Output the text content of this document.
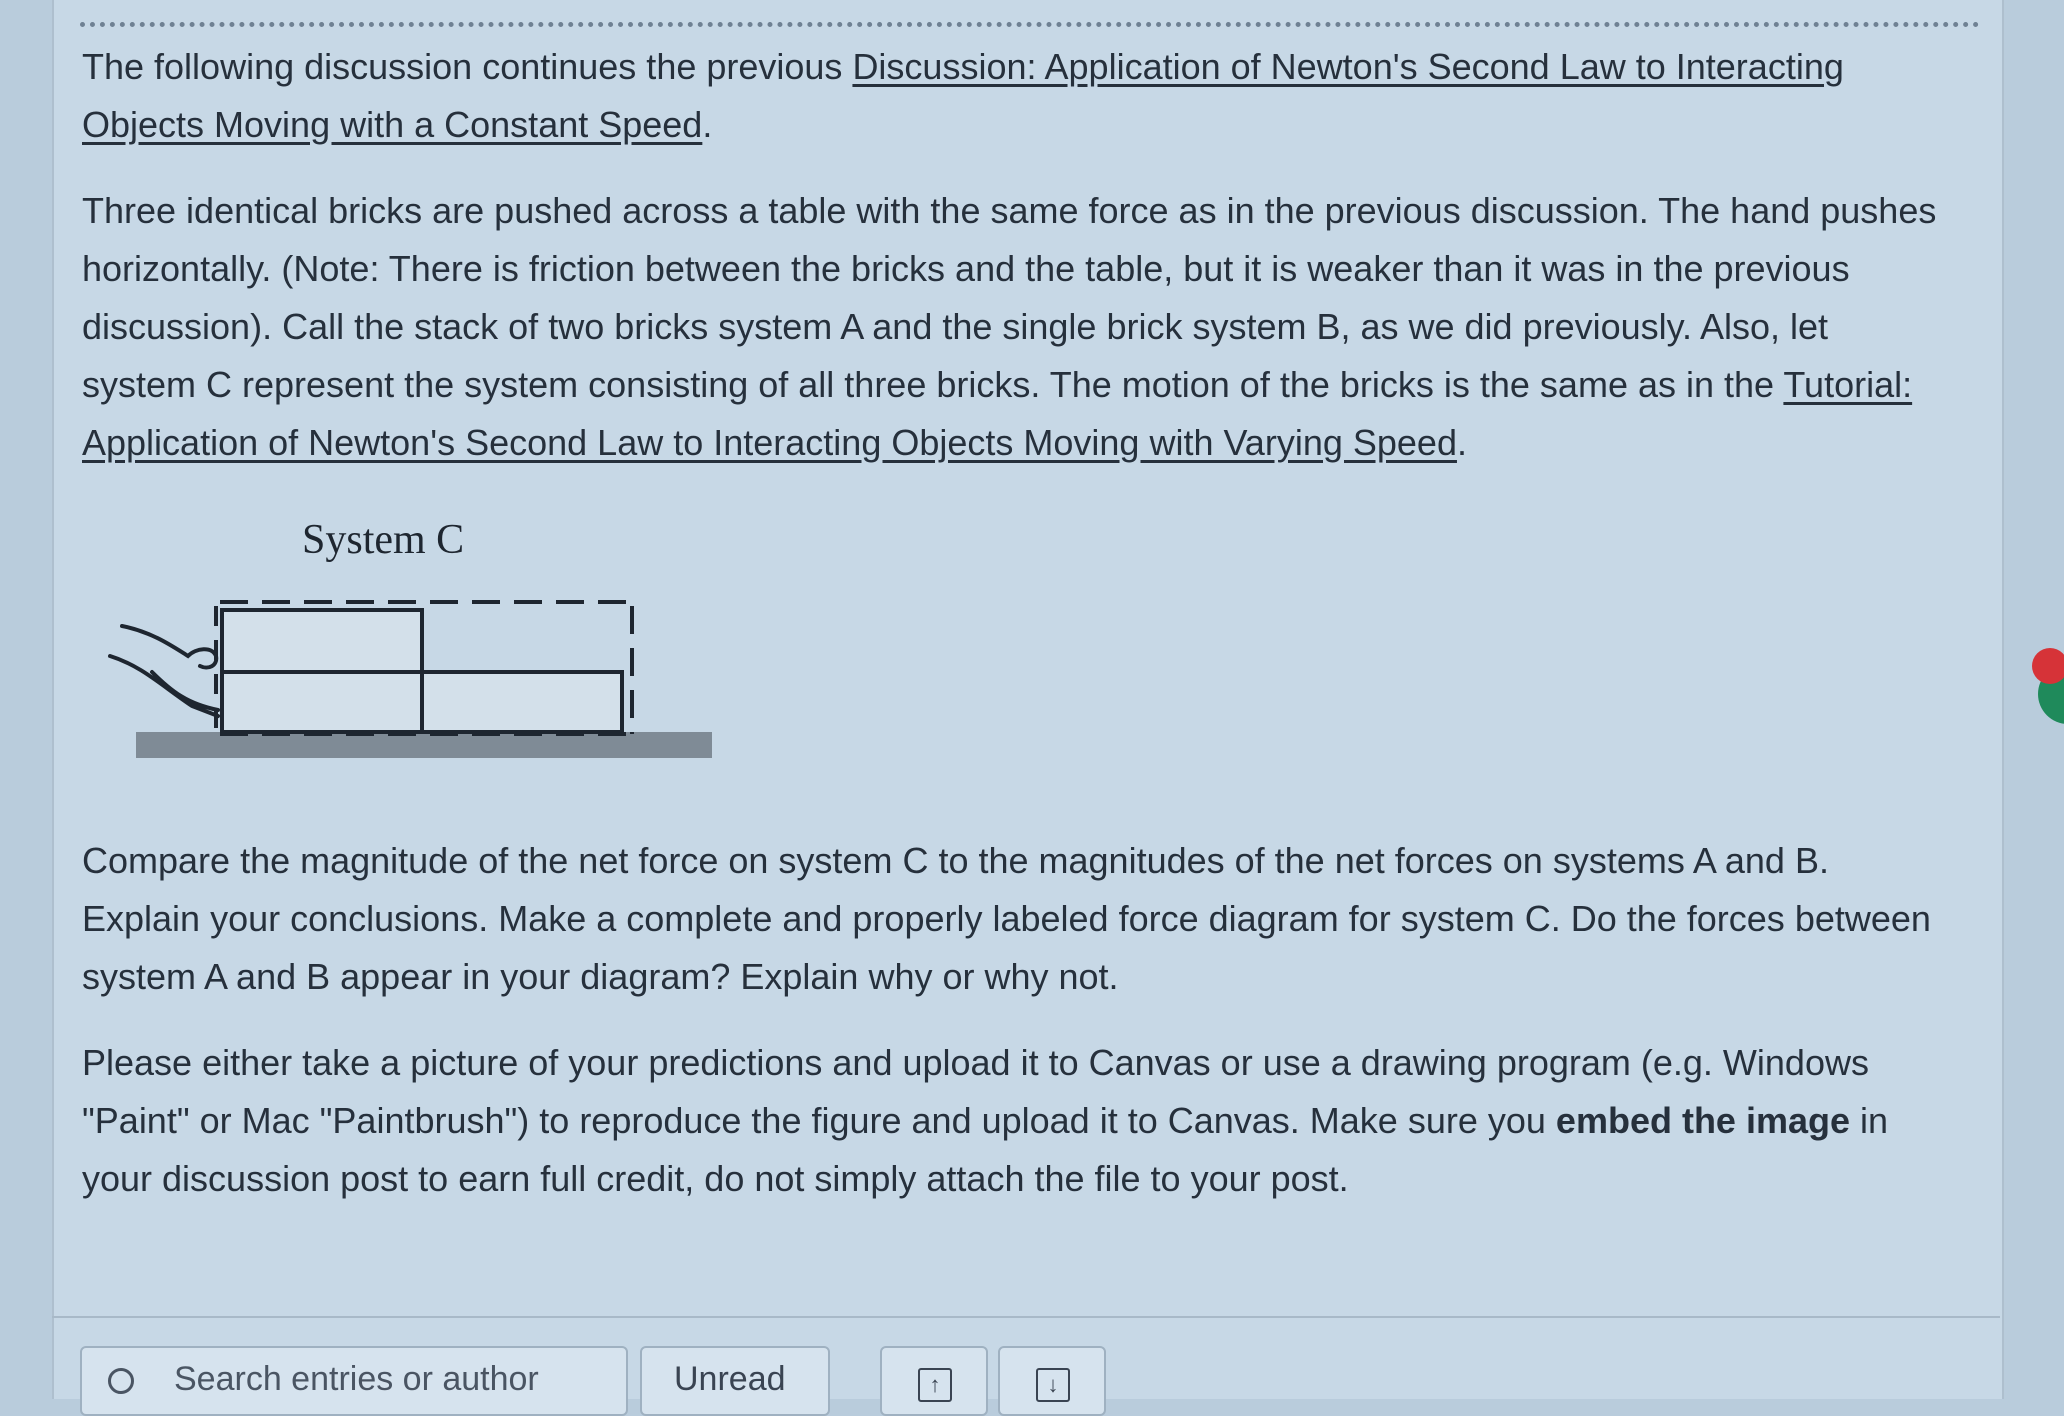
The following discussion continues the previous Discussion: Application of Newton's Second Law to Interacting Objects Moving with a Constant Speed.

Three identical bricks are pushed across a table with the same force as in the previous discussion. The hand pushes horizontally. (Note: There is friction between the bricks and the table, but it is weaker than it was in the previous discussion). Call the stack of two bricks system A and the single brick system B, as we did previously. Also, let system C represent the system consisting of all three bricks. The motion of the bricks is the same as in the Tutorial: Application of Newton's Second Law to Interacting Objects Moving with Varying Speed.

System C

Compare the magnitude of the net force on system C to the magnitudes of the net forces on systems A and B. Explain your conclusions. Make a complete and properly labeled force diagram for system C. Do the forces between system A and B appear in your diagram? Explain why or why not.

Please either take a picture of your predictions and upload it to Canvas or use a drawing program (e.g. Windows "Paint" or Mac "Paintbrush") to reproduce the figure and upload it to Canvas. Make sure you embed the image in your discussion post to earn full credit, do not simply attach the file to your post.

Search entries or author	Unread	↑	↓
